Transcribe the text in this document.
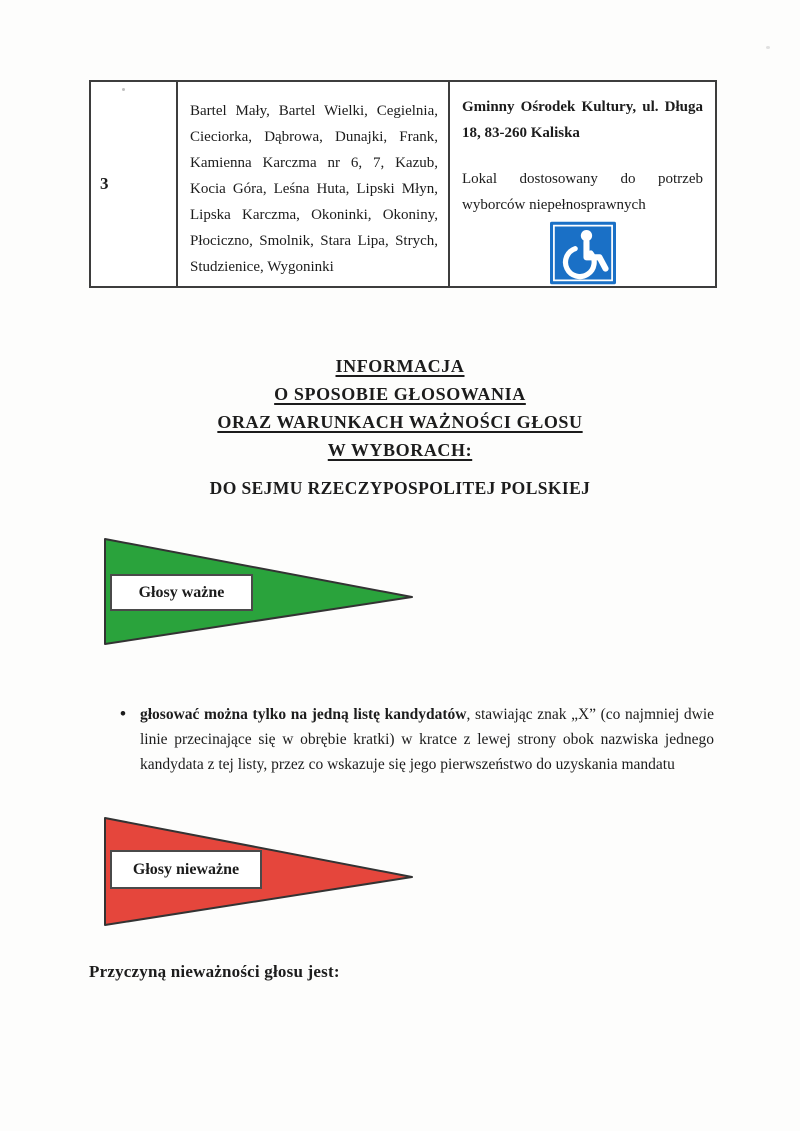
3
Bartel Mały, Bartel Wielki, Cegielnia, Cieciorka, Dąbrowa, Dunajki, Frank, Kamienna Karczma nr 6, 7, Kazub, Kocia Góra, Leśna Huta, Lipski Młyn, Lipska Karczma, Okoninki, Okoniny, Płociczno, Smolnik, Stara Lipa, Strych, Studzienice, Wygoninki
Gminny Ośrodek Kultury, ul. Długa 18, 83-260 Kaliska
Lokal dostosowany do potrzeb wyborców niepełnosprawnych
INFORMACJA
O SPOSOBIE GŁOSOWANIA
ORAZ WARUNKACH WAŻNOŚCI GŁOSU
W WYBORACH:
DO SEJMU RZECZYPOSPOLITEJ POLSKIEJ
Głosy ważne
• głosować można tylko na jedną listę kandydatów, stawiając znak „X” (co najmniej dwie linie przecinające się w obrębie kratki) w kratce z lewej strony obok nazwiska jednego kandydata z tej listy, przez co wskazuje się jego pierwszeństwo do uzyskania mandatu
Głosy nieważne
Przyczyną nieważności głosu jest:
